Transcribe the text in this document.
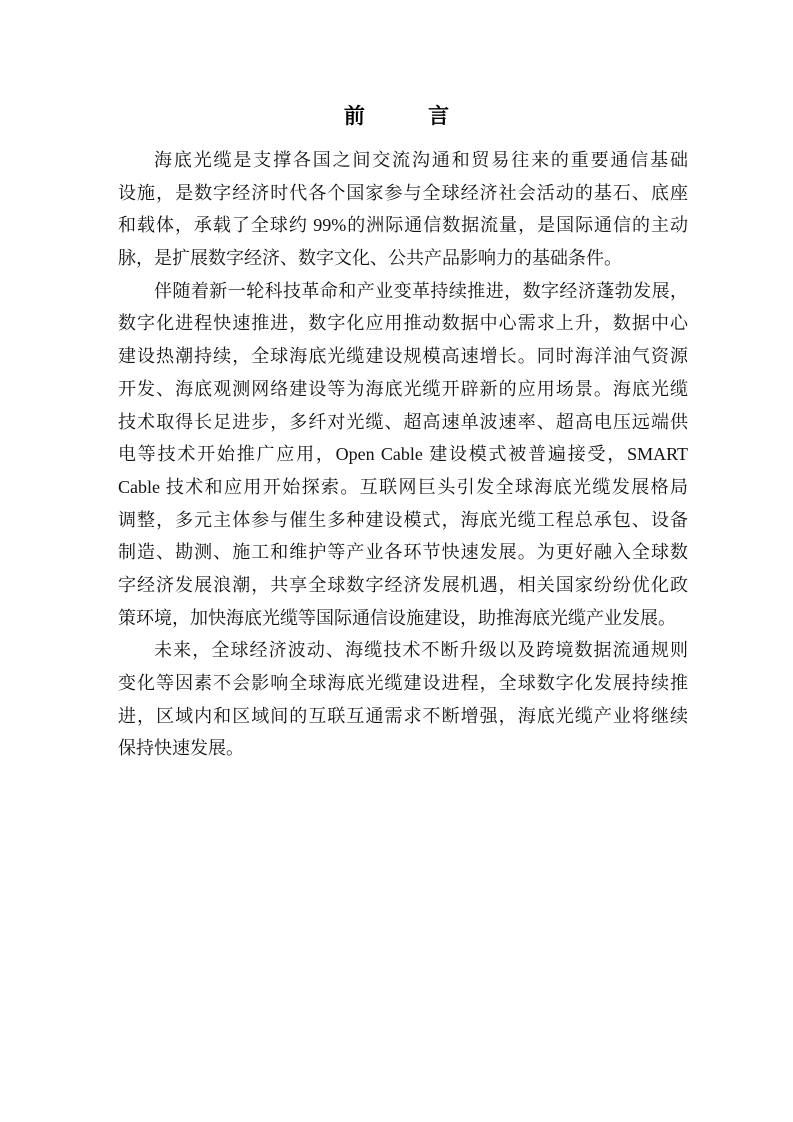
前 言
海底光缆是支撑各国之间交流沟通和贸易往来的重要通信基础
设施，是数字经济时代各个国家参与全球经济社会活动的基石、底座
和载体，承载了全球约 99%的洲际通信数据流量，是国际通信的主动
脉，是扩展数字经济、数字文化、公共产品影响力的基础条件。
伴随着新一轮科技革命和产业变革持续推进，数字经济蓬勃发展，
数字化进程快速推进，数字化应用推动数据中心需求上升，数据中心
建设热潮持续，全球海底光缆建设规模高速增长。同时海洋油气资源
开发、海底观测网络建设等为海底光缆开辟新的应用场景。海底光缆
技术取得长足进步，多纤对光缆、超高速单波速率、超高电压远端供
电等技术开始推广应用，Open Cable 建设模式被普遍接受，SMART
Cable 技术和应用开始探索。互联网巨头引发全球海底光缆发展格局
调整，多元主体参与催生多种建设模式，海底光缆工程总承包、设备
制造、勘测、施工和维护等产业各环节快速发展。为更好融入全球数
字经济发展浪潮，共享全球数字经济发展机遇，相关国家纷纷优化政
策环境，加快海底光缆等国际通信设施建设，助推海底光缆产业发展。
未来，全球经济波动、海缆技术不断升级以及跨境数据流通规则
变化等因素不会影响全球海底光缆建设进程，全球数字化发展持续推
进，区域内和区域间的互联互通需求不断增强，海底光缆产业将继续
保持快速发展。
